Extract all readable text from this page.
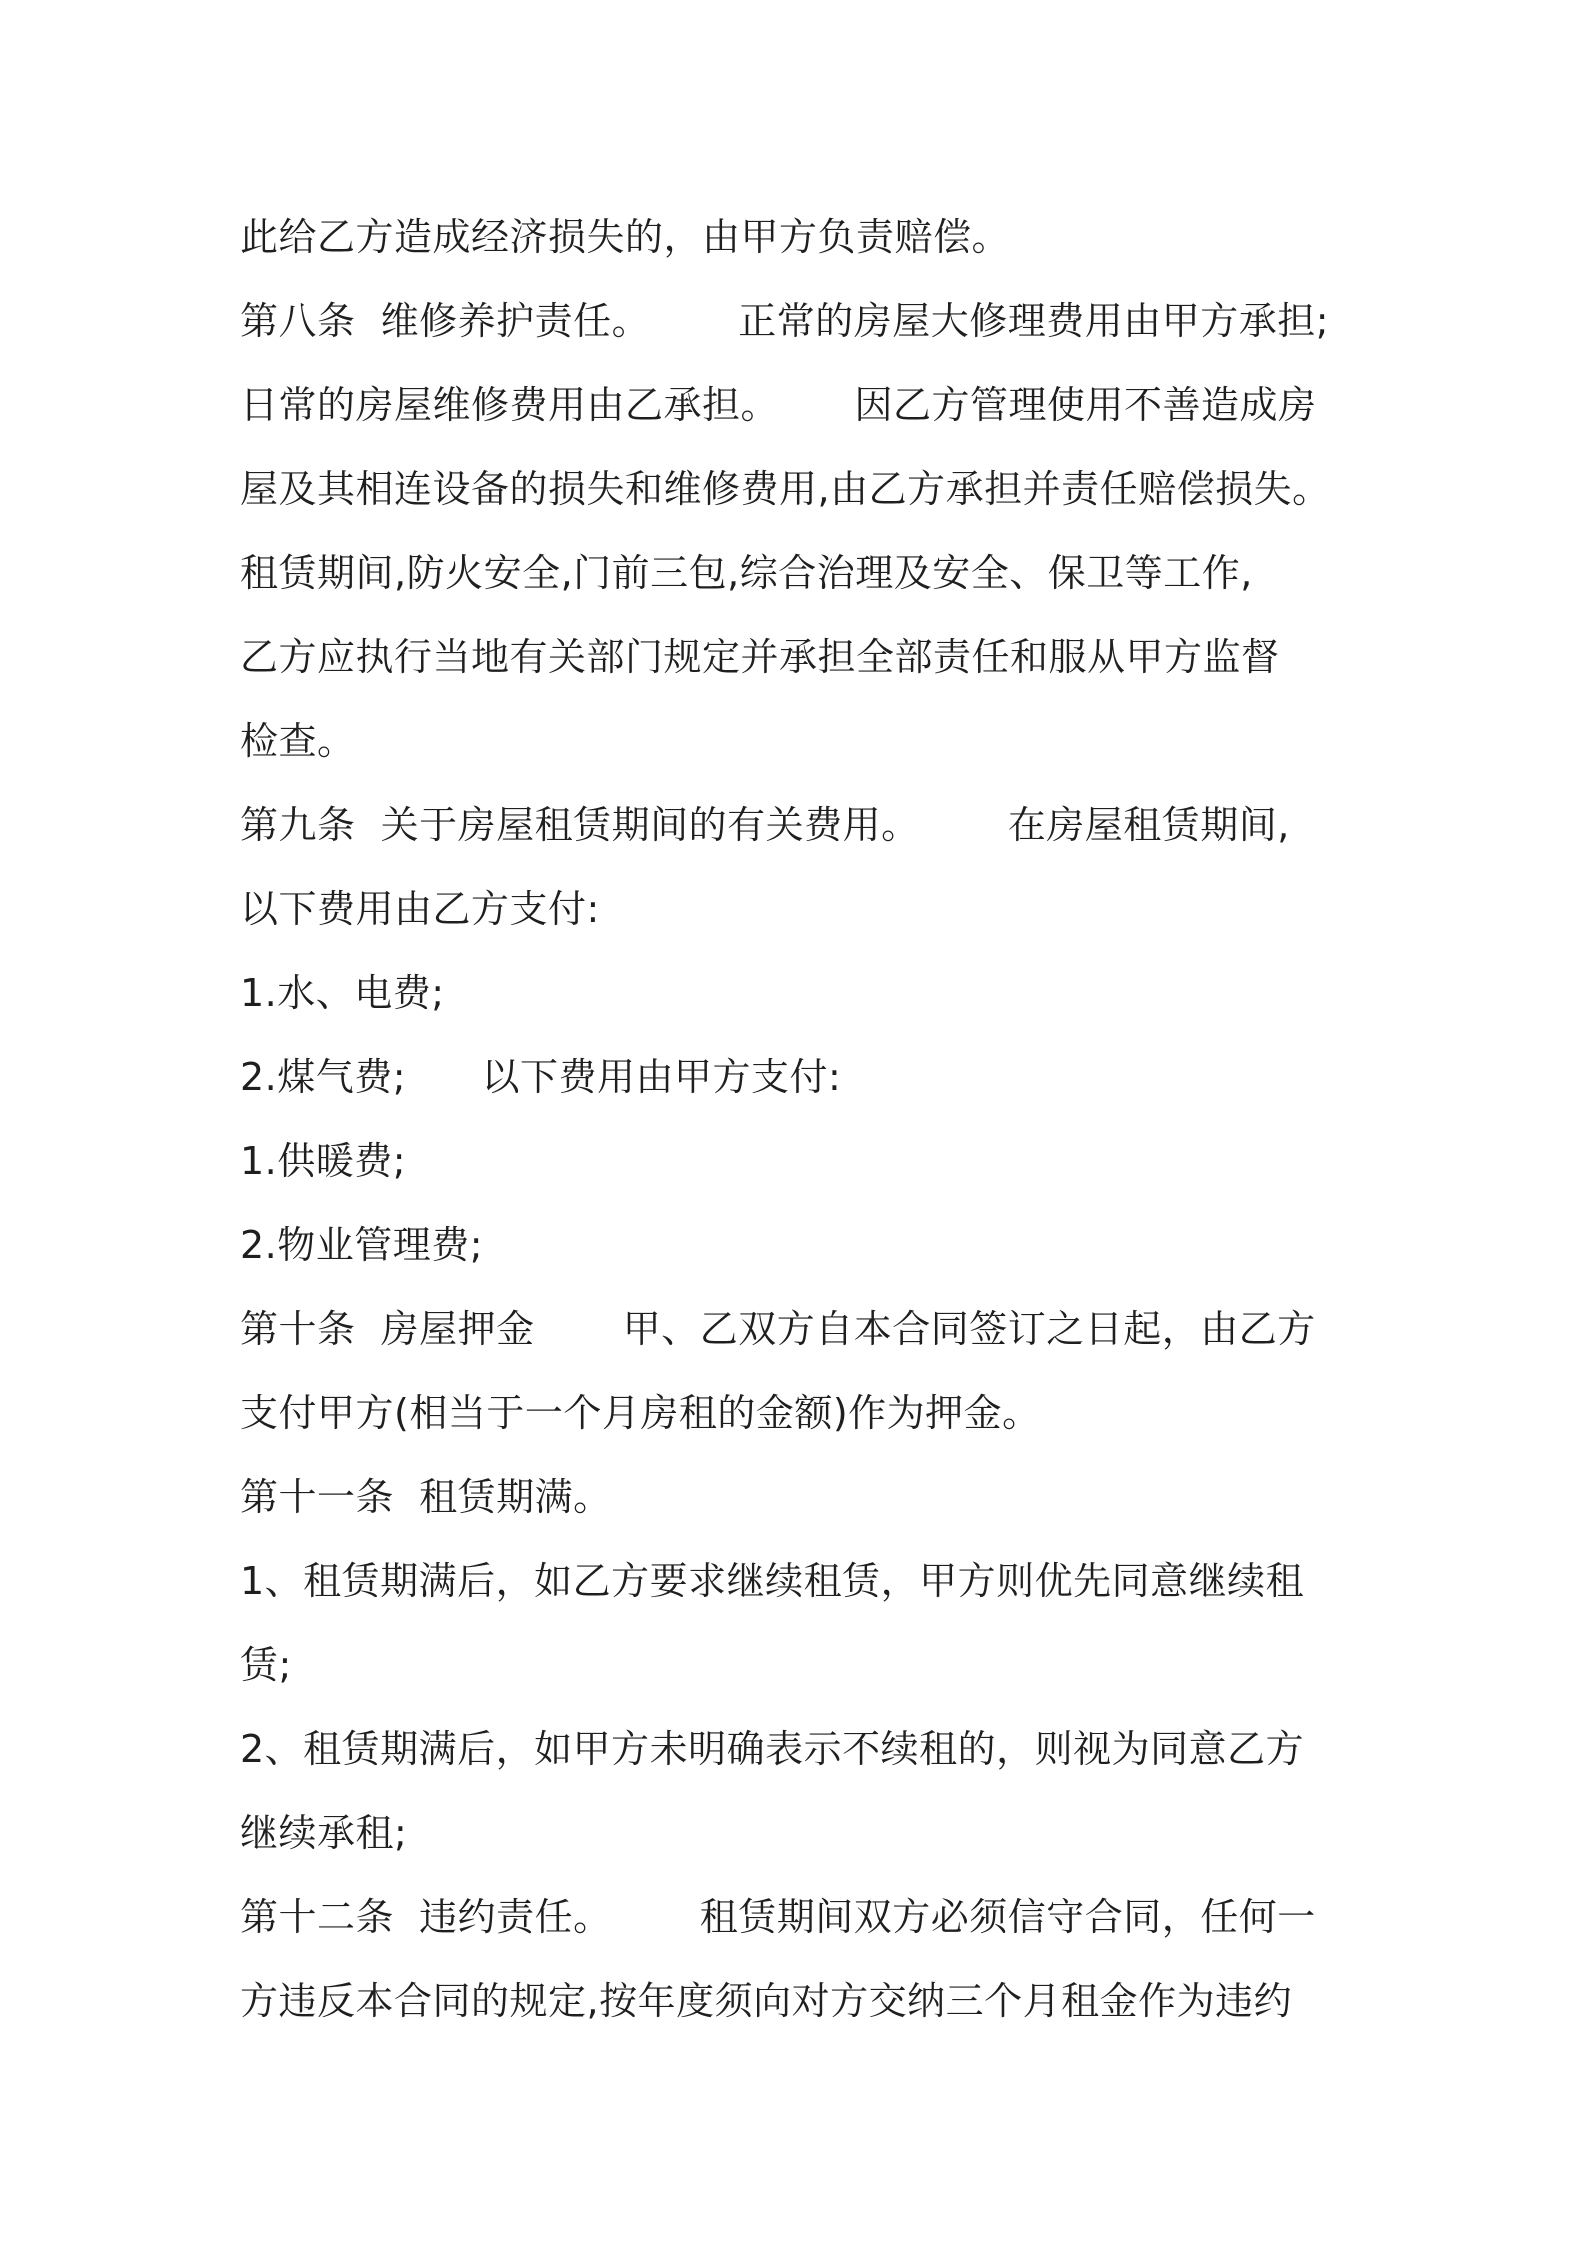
此给乙方造成经济损失的，由甲方负责赔偿。
第八条  维修养护责任。       正常的房屋大修理费用由甲方承担;
日常的房屋维修费用由乙承担。      因乙方管理使用不善造成房
屋及其相连设备的损失和维修费用,由乙方承担并责任赔偿损失。
租赁期间,防火安全,门前三包,综合治理及安全、保卫等工作,
乙方应执行当地有关部门规定并承担全部责任和服从甲方监督
检查。
第九条  关于房屋租赁期间的有关费用。       在房屋租赁期间,
以下费用由乙方支付:
1.水、电费;
2.煤气费;      以下费用由甲方支付:
1.供暖费;
2.物业管理费;
第十条  房屋押金       甲、乙双方自本合同签订之日起，由乙方
支付甲方(相当于一个月房租的金额)作为押金。
第十一条  租赁期满。
1、租赁期满后，如乙方要求继续租赁，甲方则优先同意继续租
赁;
2、租赁期满后，如甲方未明确表示不续租的，则视为同意乙方
继续承租;
第十二条  违约责任。       租赁期间双方必须信守合同，任何一
方违反本合同的规定,按年度须向对方交纳三个月租金作为违约
